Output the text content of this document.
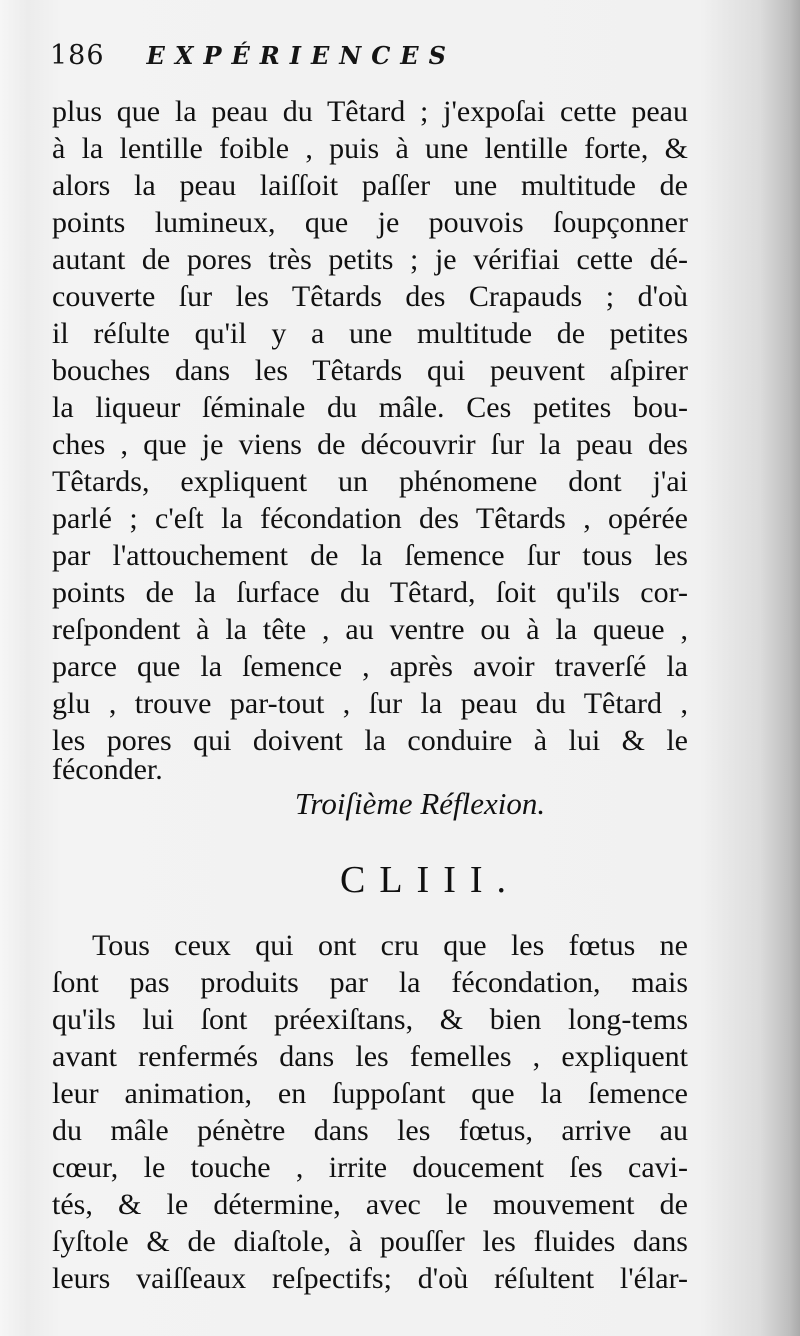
186 EXPÉRIENCES
plus que la peau du Têtard ; j'expoſai cette peau
à la lentille foible , puis à une lentille forte, &
alors la peau laiſſoit paſſer une multitude de
points lumineux, que je pouvois ſoupçonner
autant de pores très petits ; je vérifiai cette dé-
couverte ſur les Têtards des Crapauds ; d'où
il réſulte qu'il y a une multitude de petites
bouches dans les Têtards qui peuvent aſpirer
la liqueur ſéminale du mâle. Ces petites bou-
ches , que je viens de découvrir ſur la peau des
Têtards, expliquent un phénomene dont j'ai
parlé ; c'eſt la fécondation des Têtards , opérée
par l'attouchement de la ſemence ſur tous les
points de la ſurface du Têtard, ſoit qu'ils cor-
reſpondent à la tête , au ventre ou à la queue ,
parce que la ſemence , après avoir traverſé la
glu , trouve par-tout , ſur la peau du Têtard ,
les pores qui doivent la conduire à lui & le
féconder.
Troiſième Réflexion.
CLIII.
Tous ceux qui ont cru que les fœtus ne
ſont pas produits par la fécondation, mais
qu'ils lui ſont préexiſtans, & bien long-tems
avant renfermés dans les femelles , expliquent
leur animation, en ſuppoſant que la ſemence
du mâle pénètre dans les fœtus, arrive au
cœur, le touche , irrite doucement ſes cavi-
tés, & le détermine, avec le mouvement de
ſyſtole & de diaſtole, à pouſſer les fluides dans
leurs vaiſſeaux reſpectifs; d'où réſultent l'élar-
